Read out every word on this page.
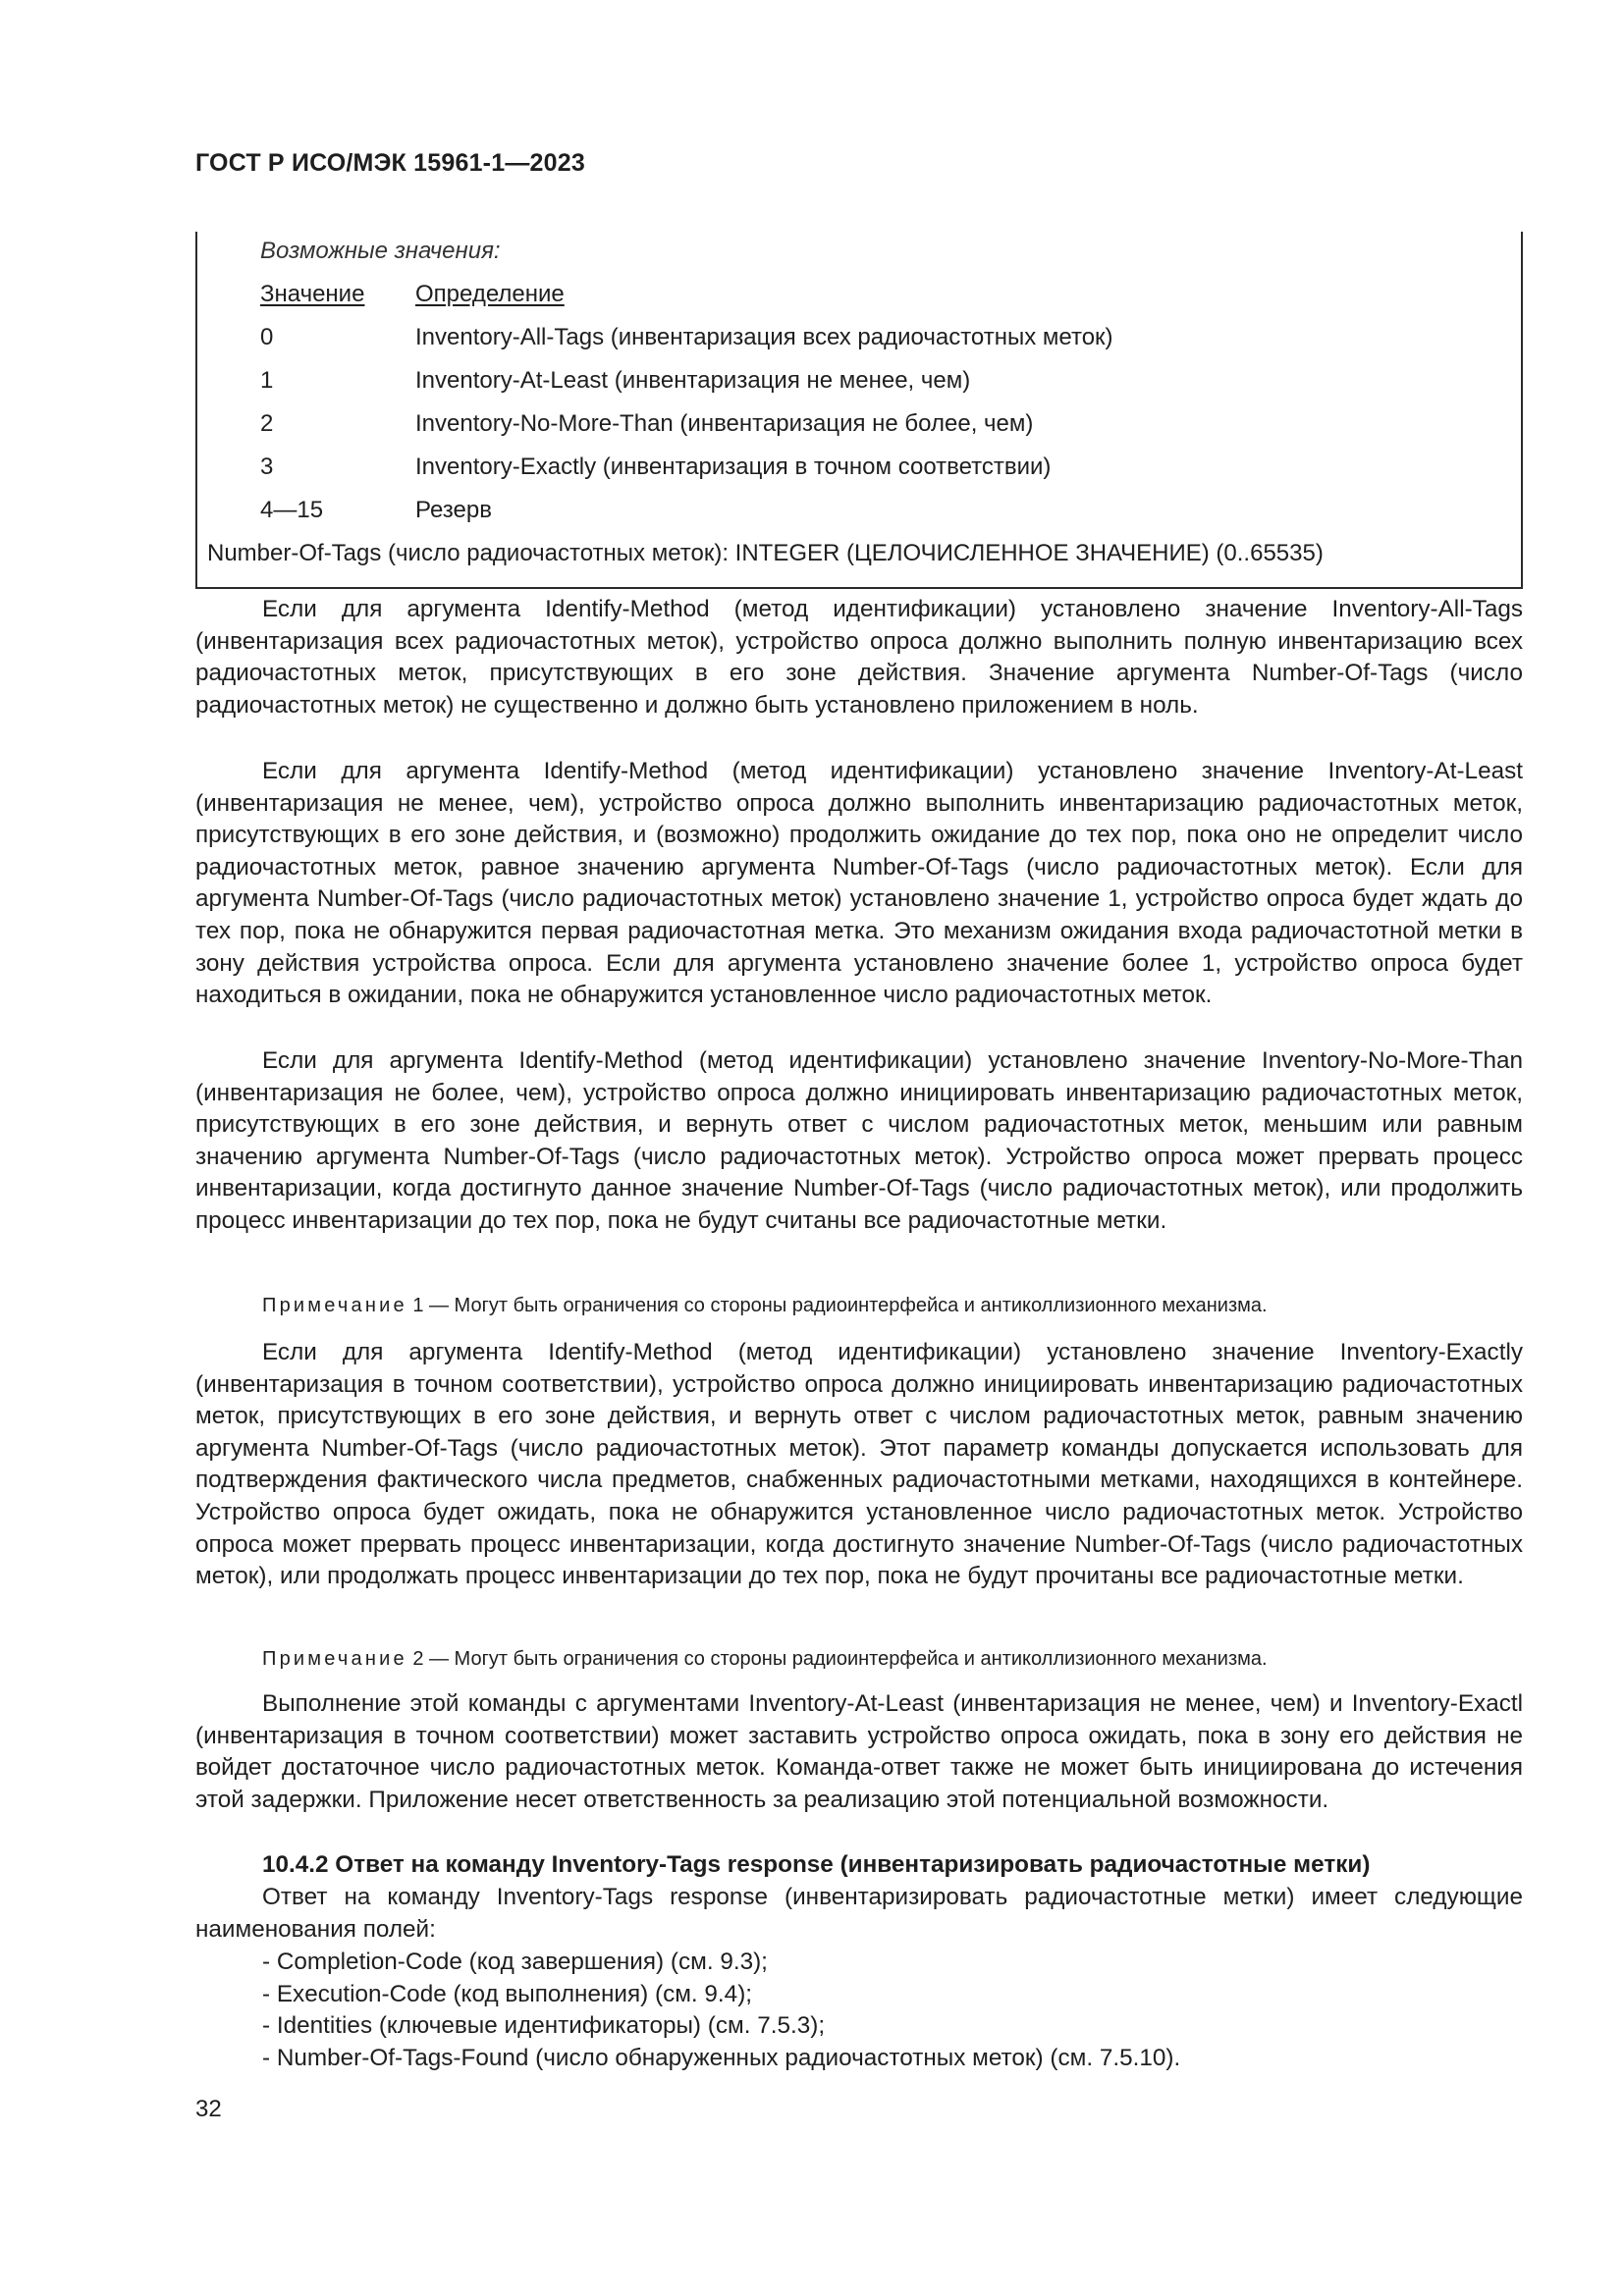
ГОСТ Р ИСО/МЭК 15961-1—2023
Возможные значения:
Значение Определение
0	Inventory-All-Tags (инвентаризация всех радиочастотных меток)
1	Inventory-At-Least (инвентаризация не менее, чем)
2	Inventory-No-More-Than (инвентаризация не более, чем)
3	Inventory-Exactly (инвентаризация в точном соответствии)
4—15	Резерв
Number-Of-Tags (число радиочастотных меток): INTEGER (ЦЕЛОЧИСЛЕННОЕ ЗНАЧЕНИЕ) (0..65535)

Если для аргумента Identify-Method (метод идентификации) установлено значение Inventory-All-Tags (инвентаризация всех радиочастотных меток), устройство опроса должно выполнить полную инвентаризацию всех радиочастотных меток, присутствующих в его зоне действия. Значение аргумента Number-Of-Tags (число радиочастотных меток) не существенно и должно быть установлено приложением в ноль.

Если для аргумента Identify-Method (метод идентификации) установлено значение Inventory-At-Least (инвентаризация не менее, чем), устройство опроса должно выполнить инвентаризацию радиочастотных меток, присутствующих в его зоне действия, и (возможно) продолжить ожидание до тех пор, пока оно не определит число радиочастотных меток, равное значению аргумента Number-Of-Tags (число радиочастотных меток). Если для аргумента Number-Of-Tags (число радиочастотных меток) установлено значение 1, устройство опроса будет ждать до тех пор, пока не обнаружится первая радиочастотная метка. Это механизм ожидания входа радиочастотной метки в зону действия устройства опроса. Если для аргумента установлено значение более 1, устройство опроса будет находиться в ожидании, пока не обнаружится установленное число радиочастотных меток.

Если для аргумента Identify-Method (метод идентификации) установлено значение Inventory-No-More-Than (инвентаризация не более, чем), устройство опроса должно инициировать инвентаризацию радиочастотных меток, присутствующих в его зоне действия, и вернуть ответ с числом радиочастотных меток, меньшим или равным значению аргумента Number-Of-Tags (число радиочастотных меток). Устройство опроса может прервать процесс инвентаризации, когда достигнуто данное значение Number-Of-Tags (число радиочастотных меток), или продолжить процесс инвентаризации до тех пор, пока не будут считаны все радиочастотные метки.

Примечание 1 — Могут быть ограничения со стороны радиоинтерфейса и антиколлизионного механизма.

Если для аргумента Identify-Method (метод идентификации) установлено значение Inventory-Exactly (инвентаризация в точном соответствии), устройство опроса должно инициировать инвентаризацию радиочастотных меток, присутствующих в его зоне действия, и вернуть ответ с числом радиочастотных меток, равным значению аргумента Number-Of-Tags (число радиочастотных меток). Этот параметр команды допускается использовать для подтверждения фактического числа предметов, снабженных радиочастотными метками, находящихся в контейнере. Устройство опроса будет ожидать, пока не обнаружится установленное число радиочастотных меток. Устройство опроса может прервать процесс инвентаризации, когда достигнуто значение Number-Of-Tags (число радиочастотных меток), или продолжать процесс инвентаризации до тех пор, пока не будут прочитаны все радиочастотные метки.

Примечание 2 — Могут быть ограничения со стороны радиоинтерфейса и антиколлизионного механизма.

Выполнение этой команды с аргументами Inventory-At-Least (инвентаризация не менее, чем) и Inventory-Exactl (инвентаризация в точном соответствии) может заставить устройство опроса ожидать, пока в зону его действия не войдет достаточное число радиочастотных меток. Команда-ответ также не может быть инициирована до истечения этой задержки. Приложение несет ответственность за реализацию этой потенциальной возможности.

10.4.2 Ответ на команду Inventory-Tags response (инвентаризировать радиочастотные метки)

Ответ на команду Inventory-Tags response (инвентаризировать радиочастотные метки) имеет следующие наименования полей:

- Completion-Code (код завершения) (см. 9.3);
- Execution-Code (код выполнения) (см. 9.4);
- Identities (ключевые идентификаторы) (см. 7.5.3);
- Number-Of-Tags-Found (число обнаруженных радиочастотных меток) (см. 7.5.10).
32
